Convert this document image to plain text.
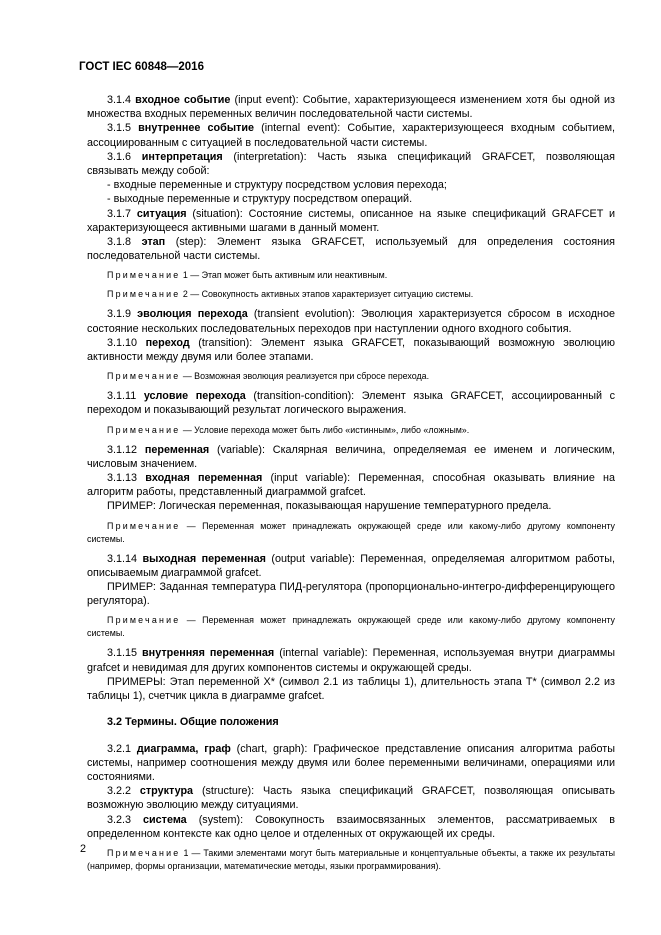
ГОСТ IEC 60848—2016

3.1.4 входное событие (input event): Событие, характеризующееся изменением хотя бы одной из множества входных переменных величин последовательной части системы.

3.1.5 внутреннее событие (internal event): Событие, характеризующееся входным событием, ассоциированным с ситуацией в последовательной части системы.

3.1.6 интерпретация (interpretation): Часть языка спецификаций GRAFCET, позволяющая связывать между собой:

- входные переменные и структуру посредством условия перехода;

- выходные переменные и структуру посредством операций.

3.1.7 ситуация (situation): Состояние системы, описанное на языке спецификаций GRAFCET и характеризующееся активными шагами в данный момент.

3.1.8 этап (step): Элемент языка GRAFCET, используемый для определения состояния последовательной части системы.

Примечание 1 — Этап может быть активным или неактивным.

Примечание 2 — Совокупность активных этапов характеризует ситуацию системы.

3.1.9 эволюция перехода (transient evolution): Эволюция характеризуется сбросом в исходное состояние нескольких последовательных переходов при наступлении одного входного события.

3.1.10 переход (transition): Элемент языка GRAFCET, показывающий возможную эволюцию активности между двумя или более этапами.

Примечание — Возможная эволюция реализуется при сбросе перехода.

3.1.11 условие перехода (transition-condition): Элемент языка GRAFCET, ассоциированный с переходом и показывающий результат логического выражения.

Примечание — Условие перехода может быть либо «истинным», либо «ложным».

3.1.12 переменная (variable): Скалярная величина, определяемая ее именем и логическим, числовым значением.

3.1.13 входная переменная (input variable): Переменная, способная оказывать влияние на алгоритм работы, представленный диаграммой grafcet.

ПРИМЕР: Логическая переменная, показывающая нарушение температурного предела.

Примечание — Переменная может принадлежать окружающей среде или какому-либо другому компоненту системы.

3.1.14 выходная переменная (output variable): Переменная, определяемая алгоритмом работы, описываемым диаграммой grafcet.

ПРИМЕР: Заданная температура ПИД-регулятора (пропорционально-интегро-дифференцирующего регулятора).

Примечание — Переменная может принадлежать окружающей среде или какому-либо другому компоненту системы.

3.1.15 внутренняя переменная (internal variable): Переменная, используемая внутри диаграммы grafcet и невидимая для других компонентов системы и окружающей среды.

ПРИМЕРЫ: Этап переменной X* (символ 2.1 из таблицы 1), длительность этапа T* (символ 2.2 из таблицы 1), счетчик цикла в диаграмме grafcet.

3.2 Термины. Общие положения

3.2.1 диаграмма, граф (chart, graph): Графическое представление описания алгоритма работы системы, например соотношения между двумя или более переменными величинами, операциями или состояниями.

3.2.2 структура (structure): Часть языка спецификаций GRAFCET, позволяющая описывать возможную эволюцию между ситуациями.

3.2.3 система (system): Совокупность взаимосвязанных элементов, рассматриваемых в определенном контексте как одно целое и отделенных от окружающей их среды.

Примечание 1 — Такими элементами могут быть материальные и концептуальные объекты, а также их результаты (например, формы организации, математические методы, языки программирования).

2
